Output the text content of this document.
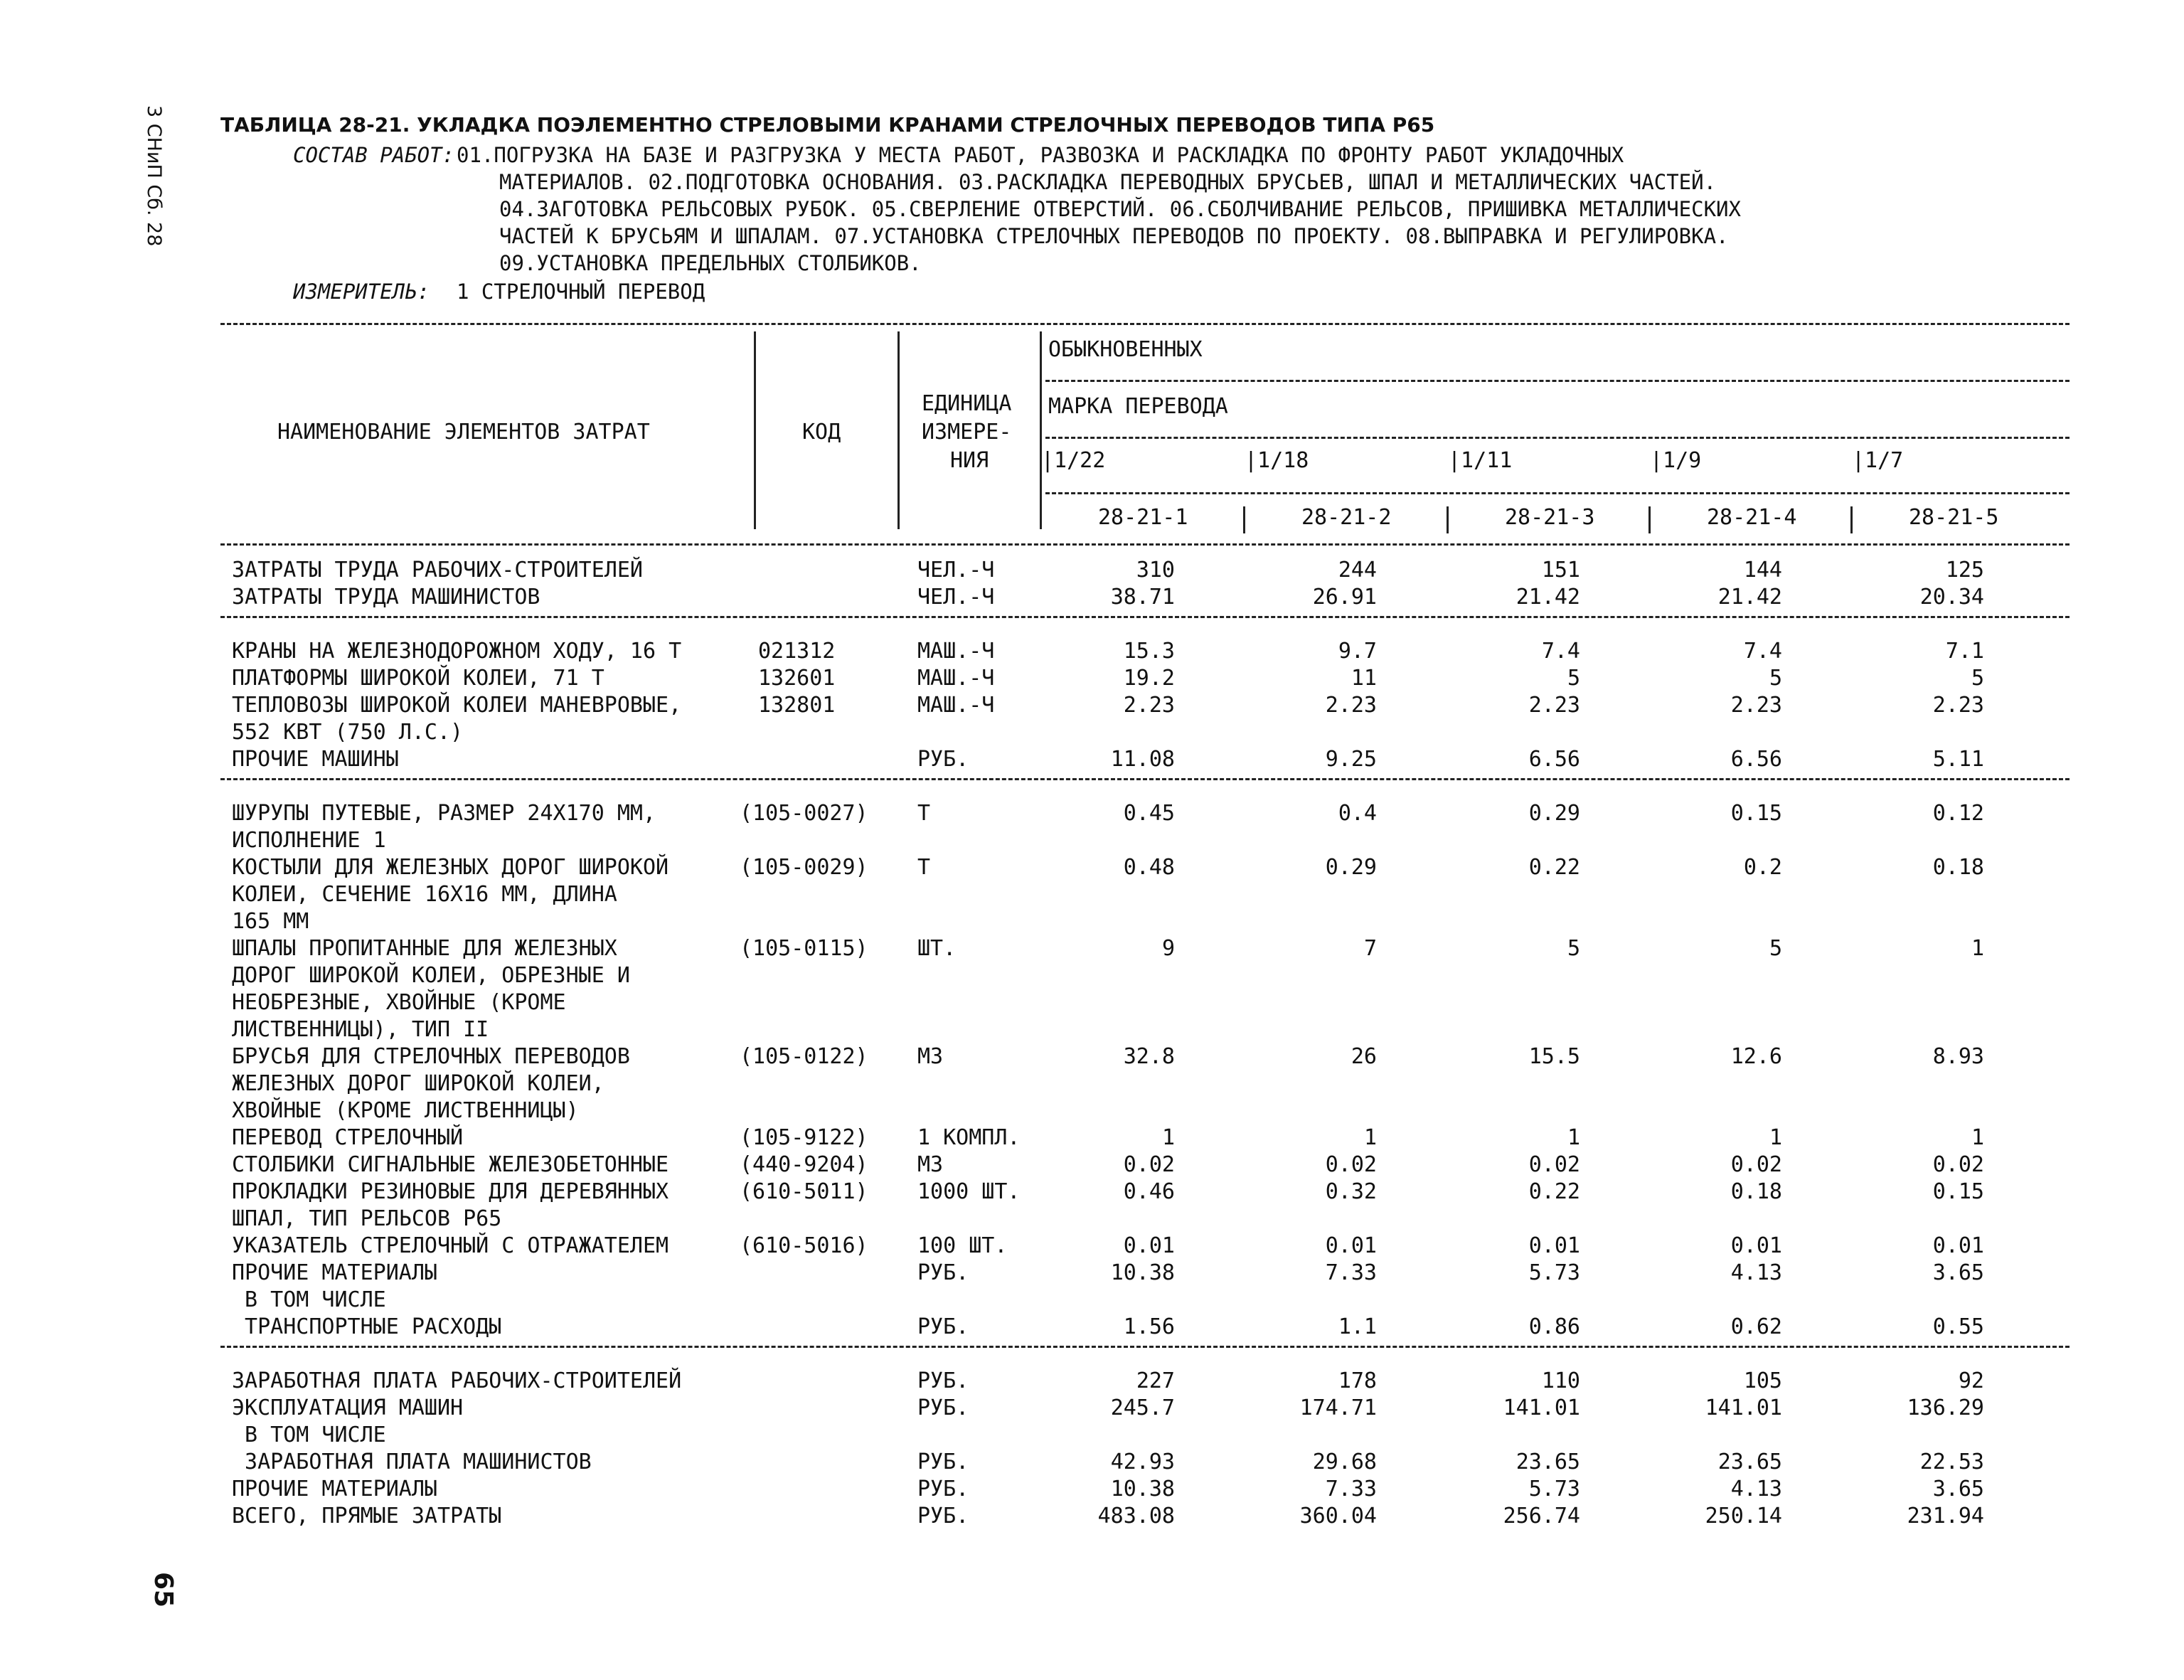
3 СНиП Сб. 28
65
ТАБЛИЦА 28-21. УКЛАДКА ПОЭЛЕМЕНТНО СТРЕЛОВЫМИ КРАНАМИ СТРЕЛОЧНЫХ ПЕРЕВОДОВ ТИПА Р65
СОСТАВ РАБОТ: 01.ПОГРУЗКА НА БАЗЕ И РАЗГРУЗКА У МЕСТА РАБОТ, РАЗВОЗКА И РАСКЛАДКА ПО ФРОНТУ РАБОТ УКЛАДОЧНЫХ
МАТЕРИАЛОВ. 02.ПОДГОТОВКА ОСНОВАНИЯ. 03.РАСКЛАДКА ПЕРЕВОДНЫХ БРУСЬЕВ, ШПАЛ И МЕТАЛЛИЧЕСКИХ ЧАСТЕЙ.
04.ЗАГОТОВКА РЕЛЬСОВЫХ РУБОК. 05.СВЕРЛЕНИЕ ОТВЕРСТИЙ. 06.СБОЛЧИВАНИЕ РЕЛЬСОВ, ПРИШИВКА МЕТАЛЛИЧЕСКИХ
ЧАСТЕЙ К БРУСЬЯМ И ШПАЛАМ. 07.УСТАНОВКА СТРЕЛОЧНЫХ ПЕРЕВОДОВ ПО ПРОЕКТУ. 08.ВЫПРАВКА И РЕГУЛИРОВКА.
09.УСТАНОВКА ПРЕДЕЛЬНЫХ СТОЛБИКОВ.
ИЗМЕРИТЕЛЬ: 1 СТРЕЛОЧНЫЙ ПЕРЕВОД
НАИМЕНОВАНИЕ ЭЛЕМЕНТОВ ЗАТРАТ	КОД
ЕДИНИЦА
ИЗМЕРЕ-
НИЯ
ОБЫКНОВЕННЫХ
МАРКА ПЕРЕВОДА
|1/22	|1/18	|1/11	|1/9	|1/7
28-21-1	28-21-2	28-21-3	28-21-4	28-21-5
ЗАТРАТЫ ТРУДА РАБОЧИХ-СТРОИТЕЛЕЙ	ЧЕЛ.-Ч	310	244	151	144	125
ЗАТРАТЫ ТРУДА МАШИНИСТОВ	ЧЕЛ.-Ч	38.71	26.91	21.42	21.42	20.34
КРАНЫ НА ЖЕЛЕЗНОДОРОЖНОМ ХОДУ, 16 Т	021312	МАШ.-Ч	15.3	9.7	7.4	7.4	7.1
ПЛАТФОРМЫ ШИРОКОЙ КОЛЕИ, 71 Т	132601	МАШ.-Ч	19.2	11	5	5	5
ТЕПЛОВОЗЫ ШИРОКОЙ КОЛЕИ МАНЕВРОВЫЕ,
552 КВТ (750 Л.С.)
132801	МАШ.-Ч	2.23	2.23	2.23	2.23	2.23
ПРОЧИЕ МАШИНЫ	РУБ.	11.08	9.25	6.56	6.56	5.11
ШУРУПЫ ПУТЕВЫЕ, РАЗМЕР 24Х170 ММ,
ИСПОЛНЕНИЕ 1
(105-0027) Т	0.45	0.4	0.29	0.15	0.12
КОСТЫЛИ ДЛЯ ЖЕЛЕЗНЫХ ДОРОГ ШИРОКОЙ
КОЛЕИ, СЕЧЕНИЕ 16Х16 ММ, ДЛИНА
165 ММ
(105-0029) Т	0.48	0.29	0.22	0.2	0.18
ШПАЛЫ ПРОПИТАННЫЕ ДЛЯ ЖЕЛЕЗНЫХ
ДОРОГ ШИРОКОЙ КОЛЕИ, ОБРЕЗНЫЕ И
НЕОБРЕЗНЫЕ, ХВОЙНЫЕ (КРОМЕ
ЛИСТВЕННИЦЫ), ТИП II
(105-0115) ШТ.	9	7	5	5	1
БРУСЬЯ ДЛЯ СТРЕЛОЧНЫХ ПЕРЕВОДОВ
ЖЕЛЕЗНЫХ ДОРОГ ШИРОКОЙ КОЛЕИ,
ХВОЙНЫЕ (КРОМЕ ЛИСТВЕННИЦЫ)
(105-0122) М3	32.8	26	15.5	12.6	8.93
ПЕРЕВОД СТРЕЛОЧНЫЙ	(105-9122) 1 КОМПЛ.	1	1	1	1	1
СТОЛБИКИ СИГНАЛЬНЫЕ ЖЕЛЕЗОБЕТОННЫЕ	(440-9204) М3	0.02	0.02	0.02	0.02	0.02
ПРОКЛАДКИ РЕЗИНОВЫЕ ДЛЯ ДЕРЕВЯННЫХ
ШПАЛ, ТИП РЕЛЬСОВ Р65
(610-5011) 1000 ШТ.	0.46	0.32	0.22	0.18	0.15
УКАЗАТЕЛЬ СТРЕЛОЧНЫЙ С ОТРАЖАТЕЛЕМ	(610-5016) 100 ШТ.	0.01	0.01	0.01	0.01	0.01
ПРОЧИЕ МАТЕРИАЛЫ
В ТОМ ЧИСЛЕ
РУБ.	10.38	7.33	5.73	4.13	3.65
ТРАНСПОРТНЫЕ РАСХОДЫ	РУБ.	1.56	1.1	0.86	0.62	0.55
ЗАРАБОТНАЯ ПЛАТА РАБОЧИХ-СТРОИТЕЛЕЙ	РУБ.	227	178	110	105	92
ЭКСПЛУАТАЦИЯ МАШИН
В ТОМ ЧИСЛЕ
РУБ.	245.7	174.71	141.01	141.01	136.29
ЗАРАБОТНАЯ ПЛАТА МАШИНИСТОВ	РУБ.	42.93	29.68	23.65	23.65	22.53
ПРОЧИЕ МАТЕРИАЛЫ	РУБ.	10.38	7.33	5.73	4.13	3.65
ВСЕГО, ПРЯМЫЕ ЗАТРАТЫ	РУБ.	483.08	360.04	256.74	250.14	231.94
